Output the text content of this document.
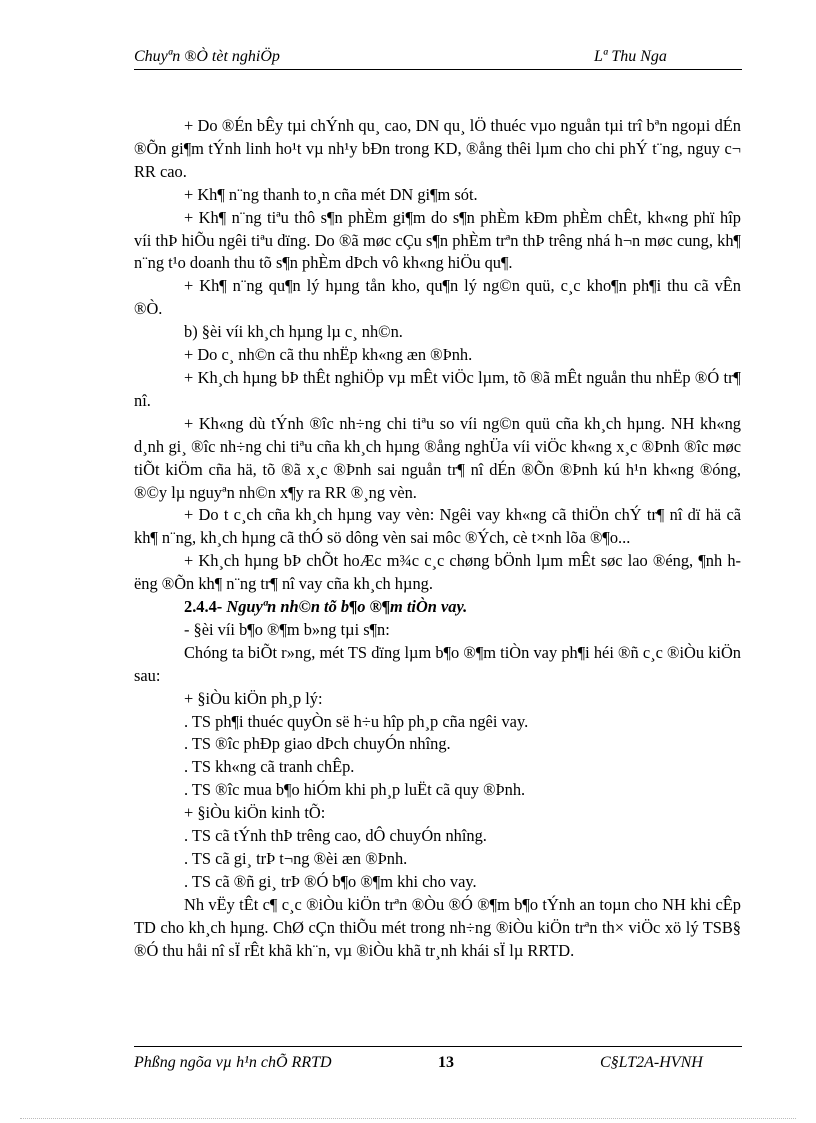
Chuyªn ®Ò tèt nghiÖp	Lª Thu Nga

+ Do ®Én bÊy tµi chÝnh qu¸ cao, DN qu¸ lÖ thuéc vµo nguån tµi trî bªn ngoµi dÉn ®Õn gi¶m tÝnh linh ho¹t vµ nh¹y bÐn trong KD, ®ång thêi lµm cho chi phÝ t¨ng, nguy c¬ RR cao.

+ Kh¶ n¨ng thanh to¸n cña mét DN gi¶m sót.

+ Kh¶ n¨ng tiªu thô s¶n phÈm gi¶m do s¶n phÈm kÐm phÈm chÊt, kh«ng phï hîp víi thÞ hiÕu ngêi tiªu dïng. Do ®ã møc cÇu s¶n phÈm trªn thÞ trêng nhá h¬n møc cung, kh¶ n¨ng t¹o doanh thu tõ s¶n phÈm dÞch vô kh«ng hiÖu qu¶.

+ Kh¶ n¨ng qu¶n lý hµng tån kho, qu¶n lý ng©n quü, c¸c kho¶n ph¶i thu cã vÊn ®Ò.

b) §èi víi kh¸ch hµng lµ c¸ nh©n.

+ Do c¸ nh©n cã thu nhËp kh«ng æn ®Þnh.

+ Kh¸ch hµng bÞ thÊt nghiÖp vµ mÊt viÖc lµm, tõ ®ã mÊt nguån thu nhËp ®Ó tr¶ nî.

+ Kh«ng dù tÝnh ®îc nh÷ng chi tiªu so víi ng©n quü cña kh¸ch hµng. NH kh«ng d¸nh gi¸ ®îc nh÷ng chi tiªu cña kh¸ch hµng ®ång nghÜa víi viÖc kh«ng x¸c ®Þnh ®îc møc tiÕt kiÖm cña hä, tõ ®ã x¸c ®Þnh sai nguån tr¶ nî dÉn ®Õn ®Þnh kú h¹n kh«ng ®óng, ®©y lµ nguyªn nh©n x¶y ra RR ®¸ng vèn.

+ Do t c¸ch cña kh¸ch hµng vay vèn: Ngêi vay kh«ng cã thiÖn chÝ tr¶ nî dï hä cã kh¶ n¨ng, kh¸ch hµng cã thÓ sö dông vèn sai môc ®Ých, cè t×nh lõa ®¶o...

+ Kh¸ch hµng bÞ chÕt hoÆc m¾c c¸c chøng bÖnh lµm mÊt søc lao ®éng, ¶nh hëng ®Õn kh¶ n¨ng tr¶ nî vay cña kh¸ch hµng.

2.4.4- Nguyªn nh©n tõ b¶o ®¶m tiÒn vay.

- §èi víi b¶o ®¶m b»ng tµi s¶n:

Chóng ta biÕt r»ng, mét TS dïng lµm b¶o ®¶m tiÒn vay ph¶i héi ®ñ c¸c ®iÒu kiÖn sau:

+ §iÒu kiÖn ph¸p lý:

. TS ph¶i thuéc quyÒn së h÷u hîp ph¸p cña ngêi vay.

. TS ®îc phÐp giao dÞch chuyÓn nhîng.

. TS kh«ng cã tranh chÊp.

. TS ®îc mua b¶o hiÓm khi ph¸p luËt cã quy ®Þnh.

+ §iÒu kiÖn kinh tÕ:

. TS cã tÝnh thÞ trêng cao, dÔ chuyÓn nhîng.

. TS cã gi¸ trÞ t¬ng ®èi æn ®Þnh.

. TS cã ®ñ gi¸ trÞ ®Ó b¶o ®¶m khi cho vay.

Nh vËy tÊt c¶ c¸c ®iÒu kiÖn trªn ®Òu ®Ó ®¶m b¶o tÝnh an toµn cho NH khi cÊp TD cho kh¸ch hµng. ChØ cÇn thiÕu mét trong nh÷ng ®iÒu kiÖn trªn th× viÖc xö lý TSB§ ®Ó thu håi nî sÏ rÊt khã kh¨n, vµ ®iÒu khã tr¸nh khái sÏ lµ RRTD.

Phßng ngõa vµ h¹n chÕ RRTD	13	C§LT2A-HVNH
